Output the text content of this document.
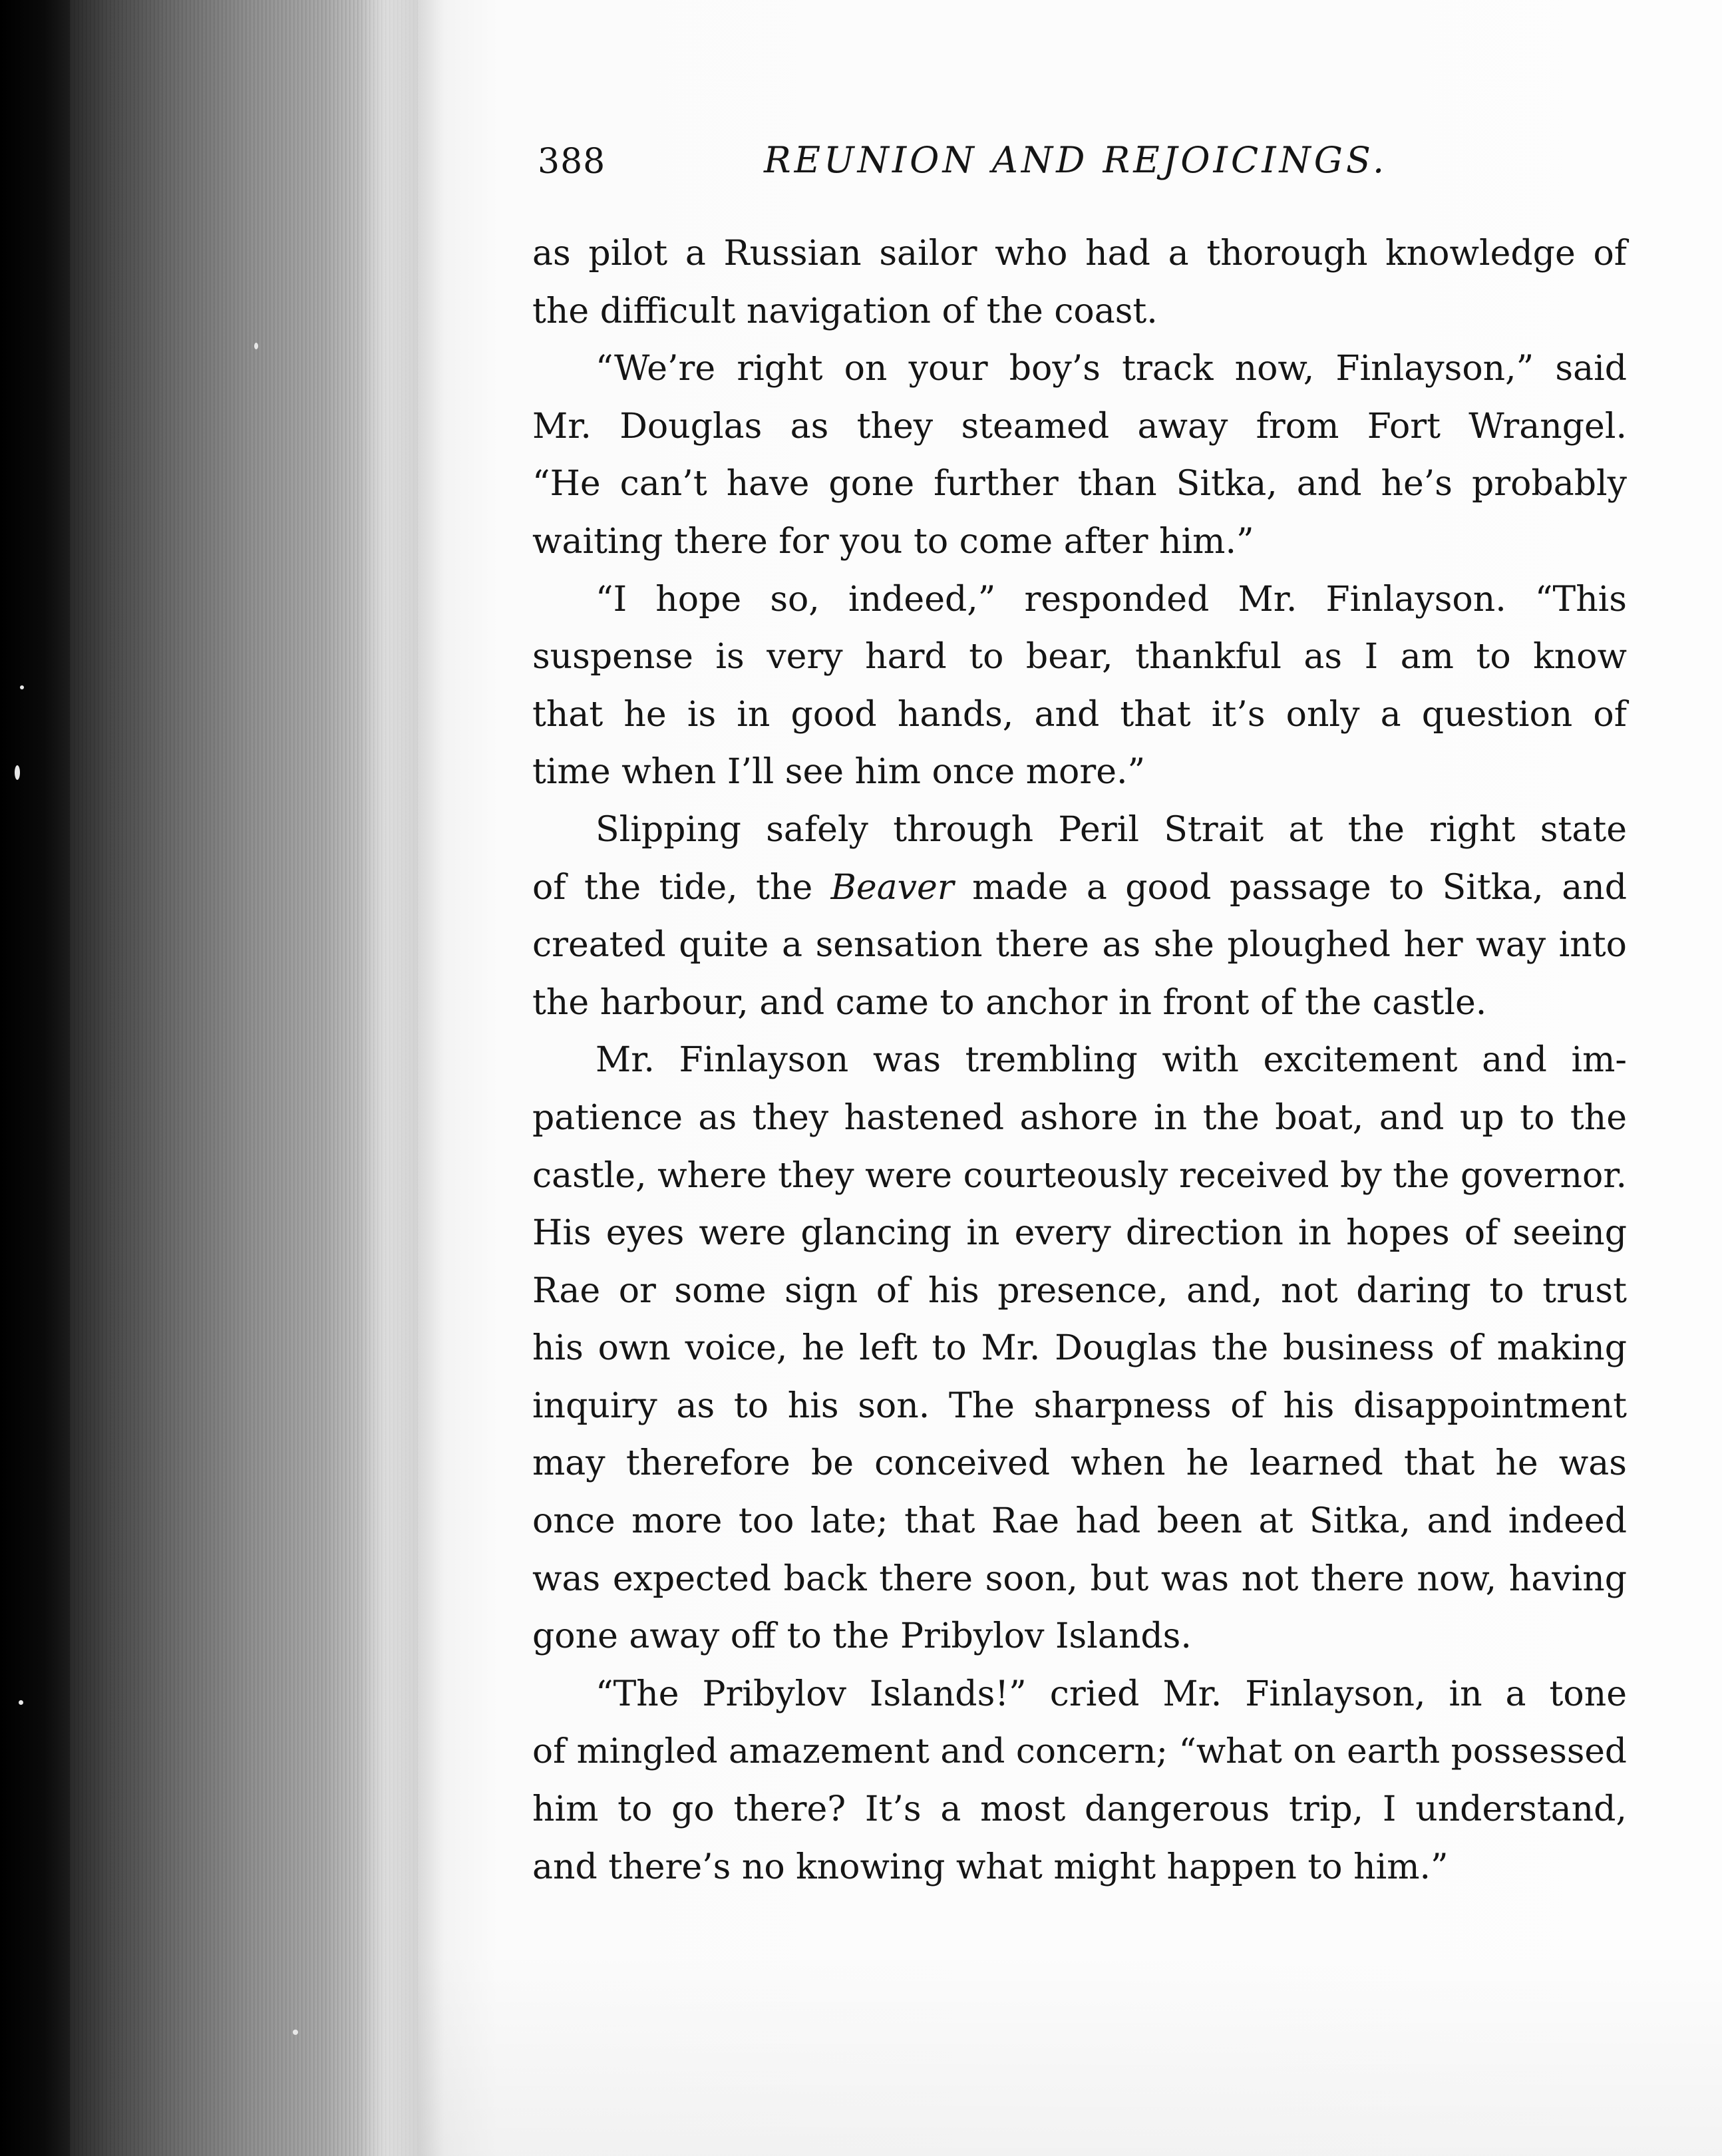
388	REUNION AND REJOICINGS.
as pilot a Russian sailor who had a thorough knowledge of
the difficult navigation of the coast.
“We’re right on your boy’s track now, Finlayson,” said
Mr. Douglas as they steamed away from Fort Wrangel.
“He can’t have gone further than Sitka, and he’s probably
waiting there for you to come after him.”
“I hope so, indeed,” responded Mr. Finlayson. “This
suspense is very hard to bear, thankful as I am to know
that he is in good hands, and that it’s only a question of
time when I’ll see him once more.”
Slipping safely through Peril Strait at the right state
of the tide, the Beaver made a good passage to Sitka, and
created quite a sensation there as she ploughed her way into
the harbour, and came to anchor in front of the castle.
Mr. Finlayson was trembling with excitement and im-
patience as they hastened ashore in the boat, and up to the
castle, where they were courteously received by the governor.
His eyes were glancing in every direction in hopes of seeing
Rae or some sign of his presence, and, not daring to trust
his own voice, he left to Mr. Douglas the business of making
inquiry as to his son. The sharpness of his disappointment
may therefore be conceived when he learned that he was
once more too late; that Rae had been at Sitka, and indeed
was expected back there soon, but was not there now, having
gone away off to the Pribylov Islands.
“The Pribylov Islands!” cried Mr. Finlayson, in a tone
of mingled amazement and concern; “what on earth possessed
him to go there? It’s a most dangerous trip, I understand,
and there’s no knowing what might happen to him.”
